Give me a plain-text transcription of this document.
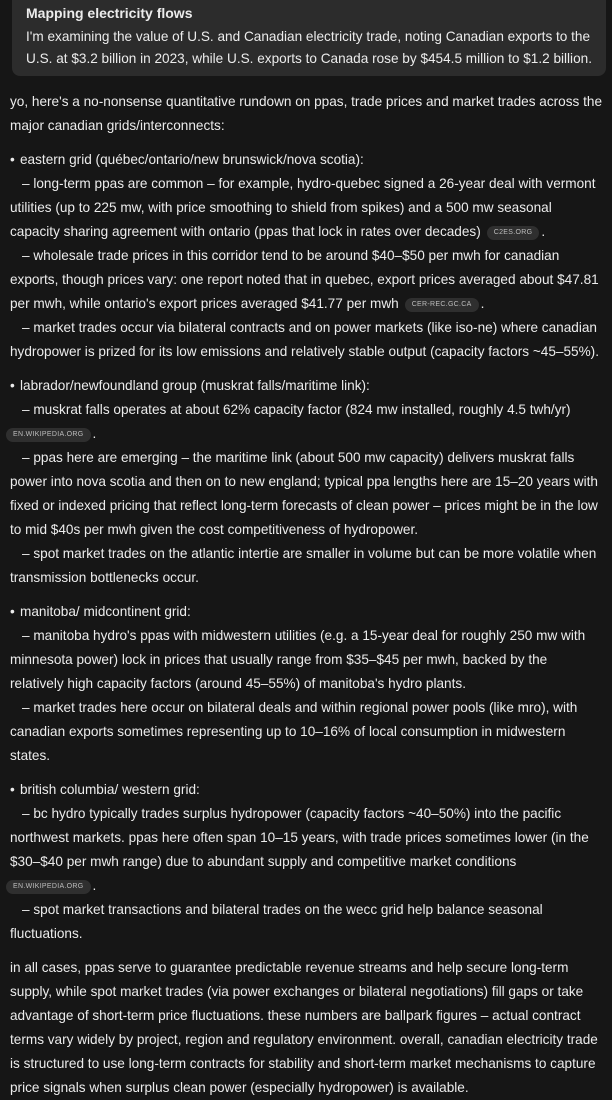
Mapping electricity flows
I'm examining the value of U.S. and Canadian electricity trade, noting Canadian exports to the U.S. at $3.2 billion in 2023, while U.S. exports to Canada rose by $454.5 million to $1.2 billion.
yo, here's a no-nonsense quantitative rundown on ppas, trade prices and market trades across the major canadian grids/interconnects:
• eastern grid (québec/ontario/new brunswick/nova scotia):
– long-term ppas are common – for example, hydro-quebec signed a 26-year deal with vermont utilities (up to 225 mw, with price smoothing to shield from spikes) and a 500 mw seasonal capacity sharing agreement with ontario (ppas that lock in rates over decades) C2ES.ORG .
– wholesale trade prices in this corridor tend to be around $40–$50 per mwh for canadian exports, though prices vary: one report noted that in quebec, export prices averaged about $47.81 per mwh, while ontario's export prices averaged $41.77 per mwh CER-REC.GC.CA .
– market trades occur via bilateral contracts and on power markets (like iso-ne) where canadian hydropower is prized for its low emissions and relatively stable output (capacity factors ~45–55%).
• labrador/newfoundland group (muskrat falls/maritime link):
– muskrat falls operates at about 62% capacity factor (824 mw installed, roughly 4.5 twh/yr)
EN.WIKIPEDIA.ORG .
– ppas here are emerging – the maritime link (about 500 mw capacity) delivers muskrat falls power into nova scotia and then on to new england; typical ppa lengths here are 15–20 years with fixed or indexed pricing that reflect long-term forecasts of clean power – prices might be in the low to mid $40s per mwh given the cost competitiveness of hydropower.
– spot market trades on the atlantic intertie are smaller in volume but can be more volatile when transmission bottlenecks occur.
• manitoba/ midcontinent grid:
– manitoba hydro's ppas with midwestern utilities (e.g. a 15-year deal for roughly 250 mw with minnesota power) lock in prices that usually range from $35–$45 per mwh, backed by the relatively high capacity factors (around 45–55%) of manitoba's hydro plants.
– market trades here occur on bilateral deals and within regional power pools (like mro), with canadian exports sometimes representing up to 10–16% of local consumption in midwestern states.
• british columbia/ western grid:
– bc hydro typically trades surplus hydropower (capacity factors ~40–50%) into the pacific northwest markets. ppas here often span 10–15 years, with trade prices sometimes lower (in the $30–$40 per mwh range) due to abundant supply and competitive market conditions
EN.WIKIPEDIA.ORG .
– spot market transactions and bilateral trades on the wecc grid help balance seasonal fluctuations.
in all cases, ppas serve to guarantee predictable revenue streams and help secure long-term supply, while spot market trades (via power exchanges or bilateral negotiations) fill gaps or take advantage of short-term price fluctuations. these numbers are ballpark figures – actual contract terms vary widely by project, region and regulatory environment. overall, canadian electricity trade is structured to use long-term contracts for stability and short-term market mechanisms to capture price signals when surplus clean power (especially hydropower) is available.
